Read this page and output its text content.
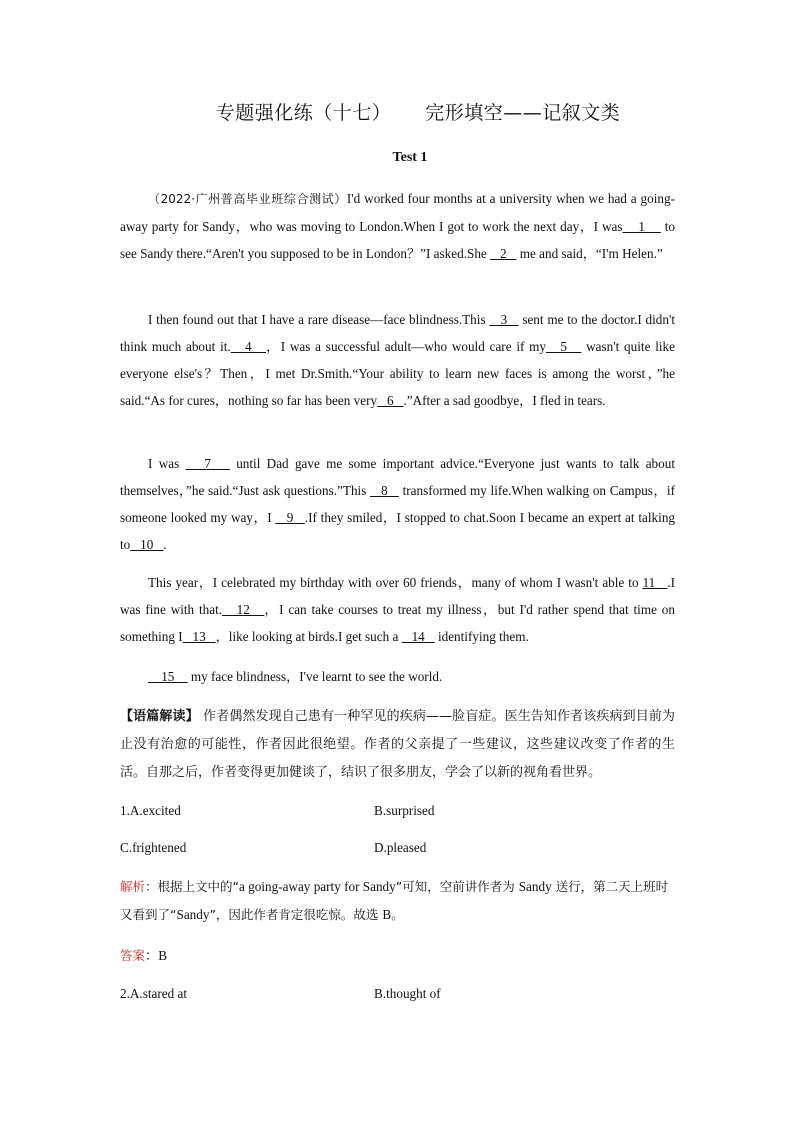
专题强化练（十七） 完形填空——记叙文类
Test 1
（2022·广州普高毕业班综合测试）I'd worked four months at a university when we had a going-away party for Sandy，who was moving to London.When I got to work the next day，I was    1     to see Sandy there.“Aren't you supposed to be in London？”I asked.She    2    me and said，“I'm Helen.”
I then found out that I have a rare disease—face blindness.This    3    sent me to the doctor.I didn't think much about it.   4   ，I was a successful adult—who would care if my   5    wasn't quite like everyone else's？Then，I met Dr.Smith.“Your ability to learn new faces is among the worst，”he said.“As for cures，nothing so far has been very   6   .”After a sad goodbye，I fled in tears.
I was    7    until Dad gave me some important advice.“Everyone just wants to talk about themselves，”he said.“Just ask questions.”This    8    transformed my life.When walking on Campus，if someone looked my way，I    9   .If they smiled，I stopped to chat.Soon I became an expert at talking to   10   .
This year，I celebrated my birthday with over 60 friends，many of whom I wasn't able to 11   .I was fine with that.   12   ，I can take courses to treat my illness，but I'd rather spend that time on something I   13   ，like looking at birds.I get such a    14    identifying them.
15     my face blindness，I've learnt to see the world.
【语篇解读】 作者偶然发现自己患有一种罕见的疾病——脸盲症。医生告知作者该疾病到目前为止没有治愈的可能性，作者因此很绝望。作者的父亲提了一些建议，这些建议改变了作者的生活。自那之后，作者变得更加健谈了，结识了很多朋友，学会了以新的视角看世界。
1.A.excited	B.surprised
C.frightened	D.pleased
解析：根据上文中的“a going-away party for Sandy”可知，空前讲作者为 Sandy 送行，第二天上班时又看到了“Sandy”，因此作者肯定很吃惊。故选 B。
答案：B
2.A.stared at	B.thought of
